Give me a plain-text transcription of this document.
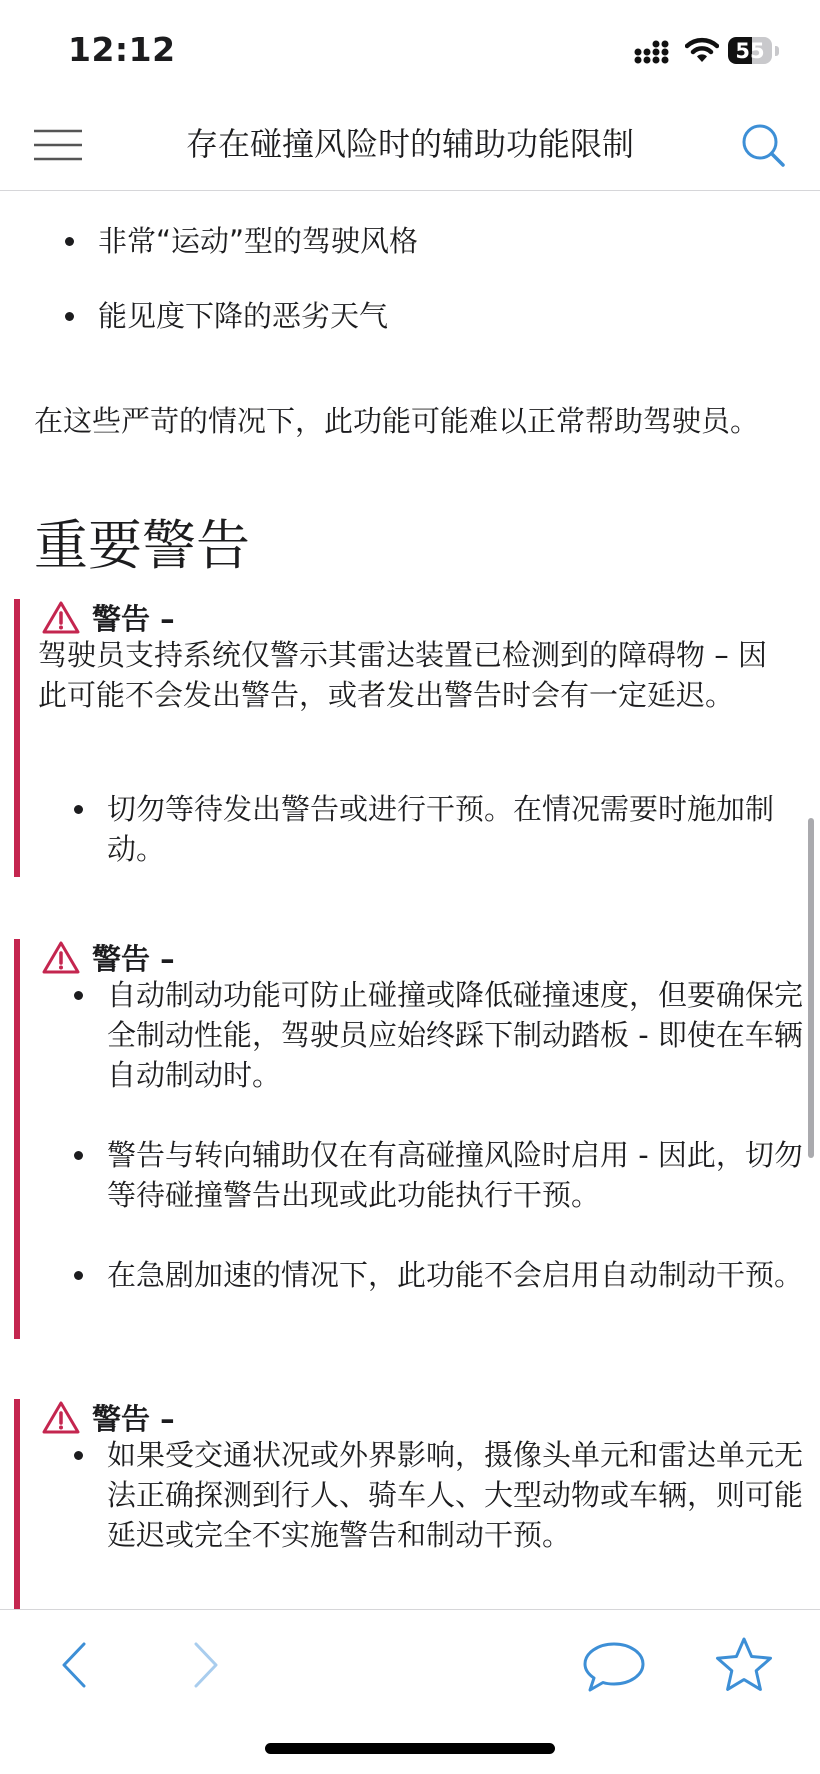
12:12	55
存在碰撞风险时的辅助功能限制
非常“运动”型的驾驶风格
能见度下降的恶劣天气

在这些严苛的情况下，此功能可能难以正常帮助驾驶员。

重要警告
警告 –
驾驶员支持系统仅警示其雷达装置已检测到的障碍物 – 因此可能不会发出警告，或者发出警告时会有一定延迟。
切勿等待发出警告或进行干预。在情况需要时施加制动。
警告 –
自动制动功能可防止碰撞或降低碰撞速度，但要确保完全制动性能，驾驶员应始终踩下制动踏板 - 即使在车辆自动制动时。
警告与转向辅助仅在有高碰撞风险时启用 - 因此，切勿等待碰撞警告出现或此功能执行干预。
在急剧加速的情况下，此功能不会启用自动制动干预。
警告 –
如果受交通状况或外界影响，摄像头单元和雷达单元无法正确探测到行人、骑车人、大型动物或车辆，则可能延迟或完全不实施警告和制动干预。
